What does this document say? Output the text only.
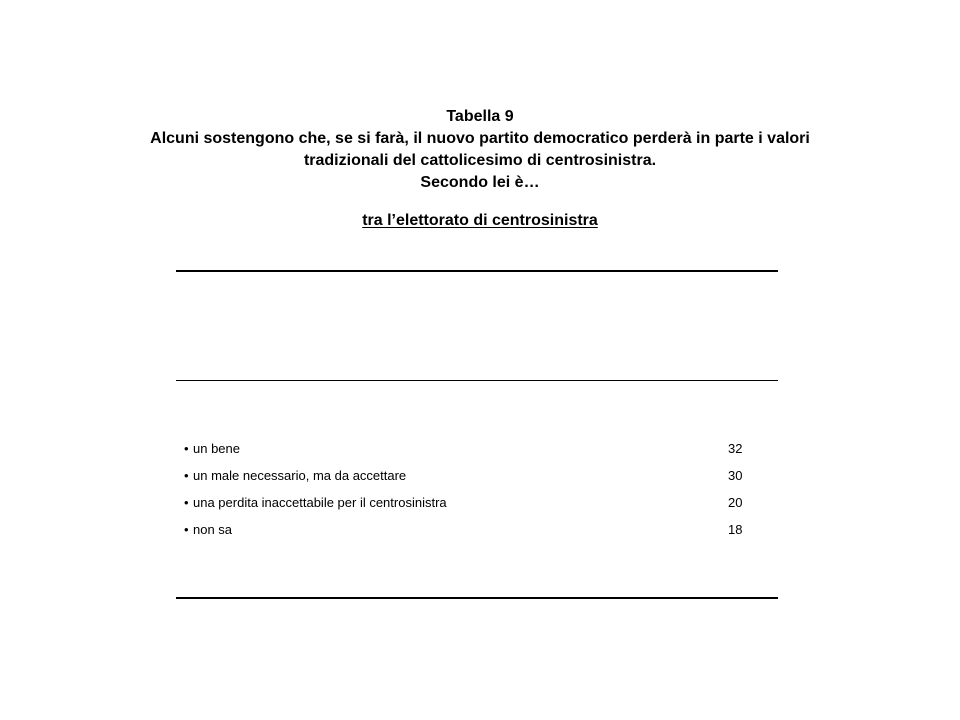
Tabella 9
Alcuni sostengono che, se si farà, il nuovo partito democratico perderà in parte i valori
tradizionali del cattolicesimo di centrosinistra.
Secondo lei è…
tra l’elettorato di centrosinistra
• un bene	32
• un male necessario, ma da accettare	30
• una perdita inaccettabile per il centrosinistra	20
• non sa	18
